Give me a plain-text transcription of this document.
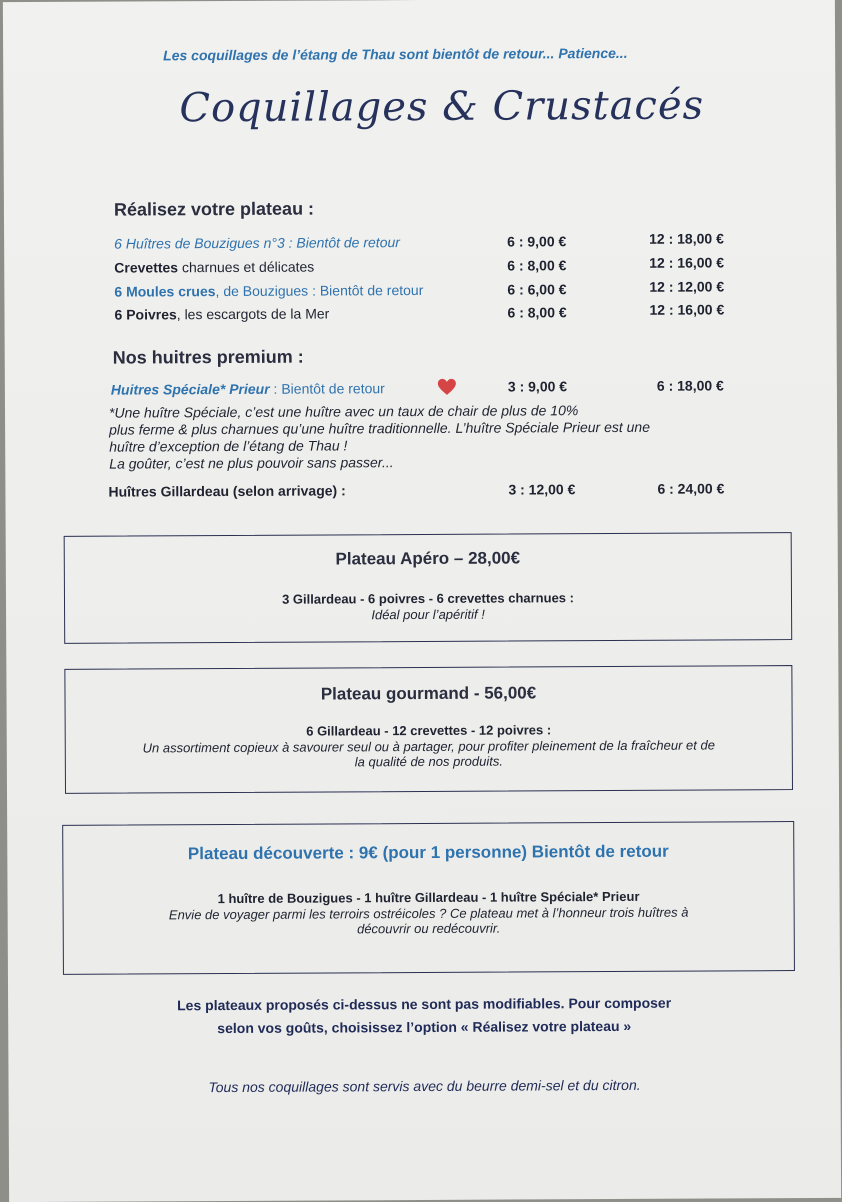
Les coquillages de l’étang de Thau sont bientôt de retour... Patience...
Coquillages & Crustacés
Réalisez votre plateau :
6 Huîtres de Bouzigues n°3 : Bientôt de retour	6 : 9,00 €	12 : 18,00 €
Crevettes charnues et délicates	6 : 8,00 €	12 : 16,00 €
6 Moules crues, de Bouzigues : Bientôt de retour	6 : 6,00 €	12 : 12,00 €
6 Poivres, les escargots de la Mer	6 : 8,00 €	12 : 16,00 €
Nos huitres premium :
Huitres Spéciale* Prieur : Bientôt de retour	3 : 9,00 €	6 : 18,00 €
*Une huître Spéciale, c’est une huître avec un taux de chair de plus de 10%
plus ferme & plus charnues qu’une huître traditionnelle. L’huître Spéciale Prieur est une
huître d’exception de l’étang de Thau !
La goûter, c’est ne plus pouvoir sans passer...
Huîtres Gillardeau (selon arrivage) :	3 : 12,00 €	6 : 24,00 €
Plateau Apéro – 28,00€
3 Gillardeau - 6 poivres - 6 crevettes charnues :
Idéal pour l’apéritif !
Plateau gourmand - 56,00€
6 Gillardeau - 12 crevettes - 12 poivres :
Un assortiment copieux à savourer seul ou à partager, pour profiter pleinement de la fraîcheur et de
la qualité de nos produits.
Plateau découverte : 9€ (pour 1 personne) Bientôt de retour
1 huître de Bouzigues - 1 huître Gillardeau - 1 huître Spéciale* Prieur
Envie de voyager parmi les terroirs ostréicoles ? Ce plateau met à l’honneur trois huîtres à
découvrir ou redécouvrir.
Les plateaux proposés ci-dessus ne sont pas modifiables. Pour composer
selon vos goûts, choisissez l’option « Réalisez votre plateau »
Tous nos coquillages sont servis avec du beurre demi-sel et du citron.
